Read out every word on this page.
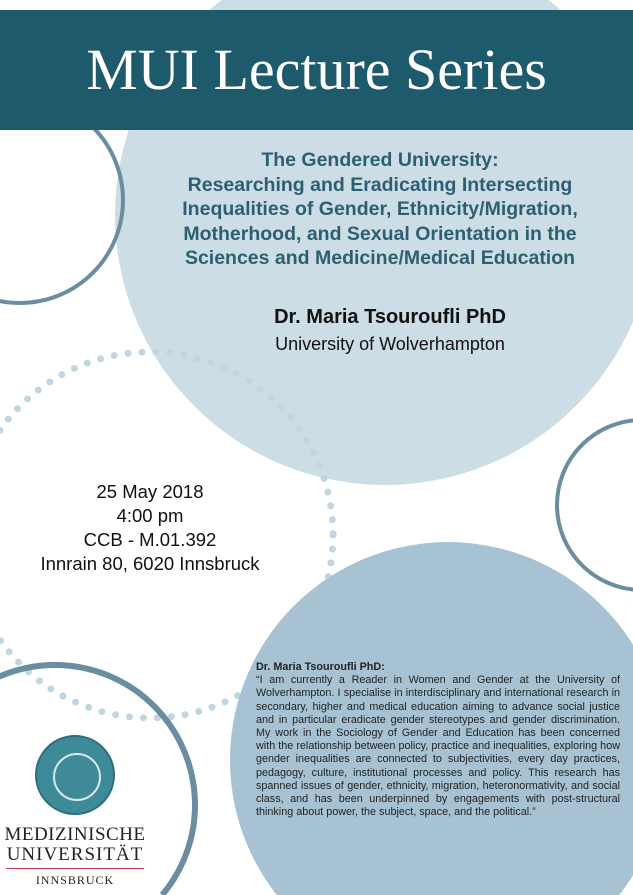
MUI Lecture Series
The Gendered University:
Researching and Eradicating Intersecting
Inequalities of Gender, Ethnicity/Migration,
Motherhood, and Sexual Orientation in the
Sciences and Medicine/Medical Education
Dr. Maria Tsouroufli PhD
University of Wolverhampton
25 May 2018
4:00 pm
CCB - M.01.392
Innrain 80, 6020 Innsbruck
Dr. Maria Tsouroufli PhD:
“I am currently a Reader in Women and Gender at the University of Wolverhampton. I specialise in interdisciplinary and international research in secondary, higher and medical education aiming to advance social justice and in particular eradicate gender stereotypes and gender discrimination. My work in the Sociology of Gender and Education has been concerned with the relationship between policy, practice and inequalities, exploring how gender inequalities are connected to subjectivities, every day practices, pedagogy, culture, institutional processes and policy. This research has spanned issues of gender, ethnicity, migration, heteronormativity, and social class, and has been underpinned by engagements with post-structural thinking about power, the subject, space, and the political.”
MEDIZINISCHE
UNIVERSITÄT
INNSBRUCK
